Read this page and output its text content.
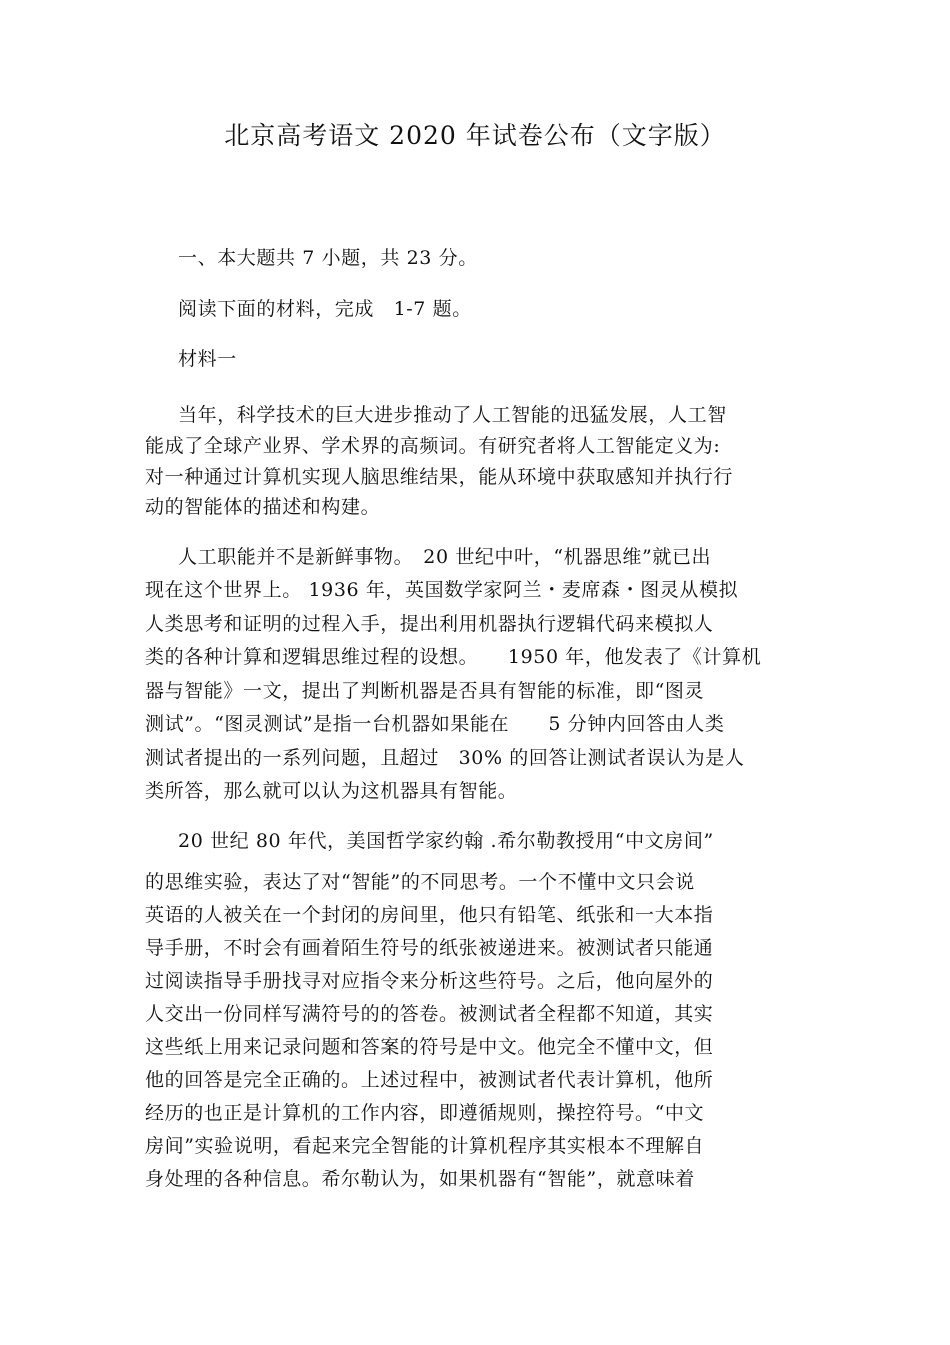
北京高考语文 2020 年试卷公布（文字版）
一、本大题共 7 小题，共 23 分。
阅读下面的材料，完成　1-7 题。
材料一
当年，科学技术的巨大进步推动了人工智能的迅猛发展，人工智
能成了全球产业界、学术界的高频词。有研究者将人工智能定义为:
对一种通过计算机实现人脑思维结果，能从环境中获取感知并执行行
动的智能体的描述和构建。
人工职能并不是新鲜事物。　20 世纪中叶，“机器思维”就已出
现在这个世界上。 1936 年，英国数学家阿兰・麦席森・图灵从模拟
人类思考和证明的过程入手，提出利用机器执行逻辑代码来模拟人
类的各种计算和逻辑思维过程的设想。　　1950 年，他发表了《计算机
器与智能》一文，提出了判断机器是否具有智能的标准，即“图灵
测试”。“图灵测试”是指一台机器如果能在　　5 分钟内回答由人类
测试者提出的一系列问题，且超过　30% 的回答让测试者误认为是人
类所答，那么就可以认为这机器具有智能。
20 世纪 80 年代，美国哲学家约翰 .希尔勒教授用“中文房间”
的思维实验，表达了对“智能”的不同思考。一个不懂中文只会说
英语的人被关在一个封闭的房间里，他只有铅笔、纸张和一大本指
导手册，不时会有画着陌生符号的纸张被递进来。被测试者只能通
过阅读指导手册找寻对应指令来分析这些符号。之后，他向屋外的
人交出一份同样写满符号的的答卷。被测试者全程都不知道，其实
这些纸上用来记录问题和答案的符号是中文。他完全不懂中文，但
他的回答是完全正确的。上述过程中，被测试者代表计算机，他所
经历的也正是计算机的工作内容，即遵循规则，操控符号。“中文
房间”实验说明，看起来完全智能的计算机程序其实根本不理解自
身处理的各种信息。希尔勒认为，如果机器有“智能”，就意味着
